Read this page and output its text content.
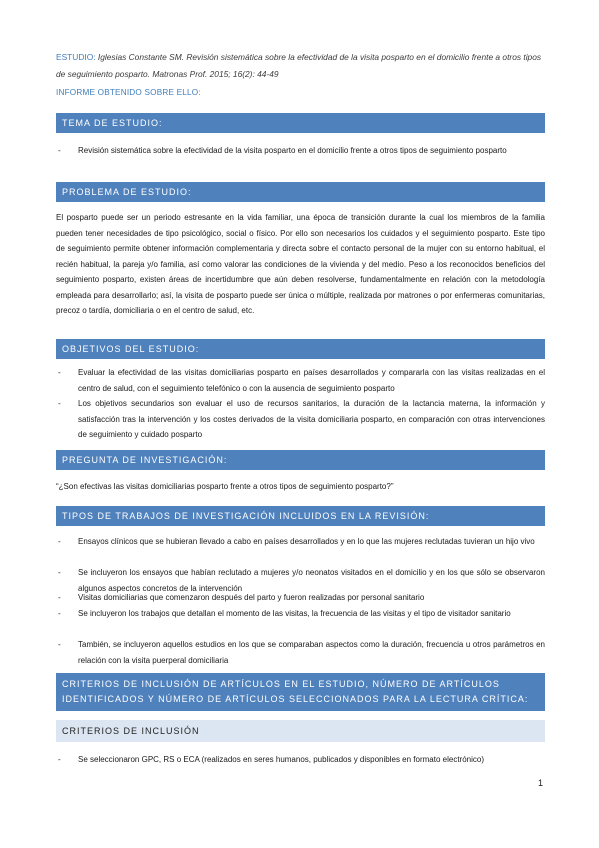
ESTUDIO: Iglesias Constante SM. Revisión sistemática sobre la efectividad de la visita posparto en el domicilio frente a otros tipos de seguimiento posparto. Matronas Prof. 2015; 16(2): 44-49
INFORME OBTENIDO SOBRE ELLO:
TEMA DE ESTUDIO:
- Revisión sistemática sobre la efectividad de la visita posparto en el domicilio frente a otros tipos de seguimiento posparto
PROBLEMA DE ESTUDIO:
El posparto puede ser un periodo estresante en la vida familiar, una época de transición durante la cual los miembros de la familia pueden tener necesidades de tipo psicológico, social o físico. Por ello son necesarios los cuidados y el seguimiento posparto. Este tipo de seguimiento permite obtener información complementaria y directa sobre el contacto personal de la mujer con su entorno habitual, el recién habitual, la pareja y/o familia, así como valorar las condiciones de la vivienda y del medio. Peso a los reconocidos beneficios del seguimiento posparto, existen áreas de incertidumbre que aún deben resolverse, fundamentalmente en relación con la metodología empleada para desarrollarlo; así, la visita de posparto puede ser única o múltiple, realizada por matrones o por enfermeras comunitarias, precoz o tardía, domiciliaria o en el centro de salud, etc.
OBJETIVOS DEL ESTUDIO:
- Evaluar la efectividad de las visitas domiciliarias posparto en países desarrollados y compararla con las visitas realizadas en el centro de salud, con el seguimiento telefónico o con la ausencia de seguimiento posparto
- Los objetivos secundarios son evaluar el uso de recursos sanitarios, la duración de la lactancia materna, la información y satisfacción tras la intervención y los costes derivados de la visita domiciliaria posparto, en comparación con otras intervenciones de seguimiento y cuidado posparto
PREGUNTA DE INVESTIGACIÓN:
“¿Son efectivas las visitas domiciliarias posparto frente a otros tipos de seguimiento posparto?”
TIPOS DE TRABAJOS DE INVESTIGACIÓN INCLUIDOS EN LA REVISIÓN:
- Ensayos clínicos que se hubieran llevado a cabo en países desarrollados y en lo que las mujeres reclutadas tuvieran un hijo vivo
- Se incluyeron los ensayos que habían reclutado a mujeres y/o neonatos visitados en el domicilio y en los que sólo se observaron algunos aspectos concretos de la intervención
- Visitas domiciliarias que comenzaron después del parto y fueron realizadas por personal sanitario
- Se incluyeron los trabajos que detallan el momento de las visitas, la frecuencia de las visitas y el tipo de visitador sanitario
- También, se incluyeron aquellos estudios en los que se comparaban aspectos como la duración, frecuencia u otros parámetros en relación con la visita puerperal domiciliaria
CRITERIOS DE INCLUSIÓN DE ARTÍCULOS EN EL ESTUDIO, NÚMERO DE ARTÍCULOS
IDENTIFICADOS Y NÚMERO DE ARTÍCULOS SELECCIONADOS PARA LA LECTURA CRÍTICA:
CRITERIOS DE INCLUSIÓN
- Se seleccionaron GPC, RS o ECA (realizados en seres humanos, publicados y disponibles en formato electrónico)
1
